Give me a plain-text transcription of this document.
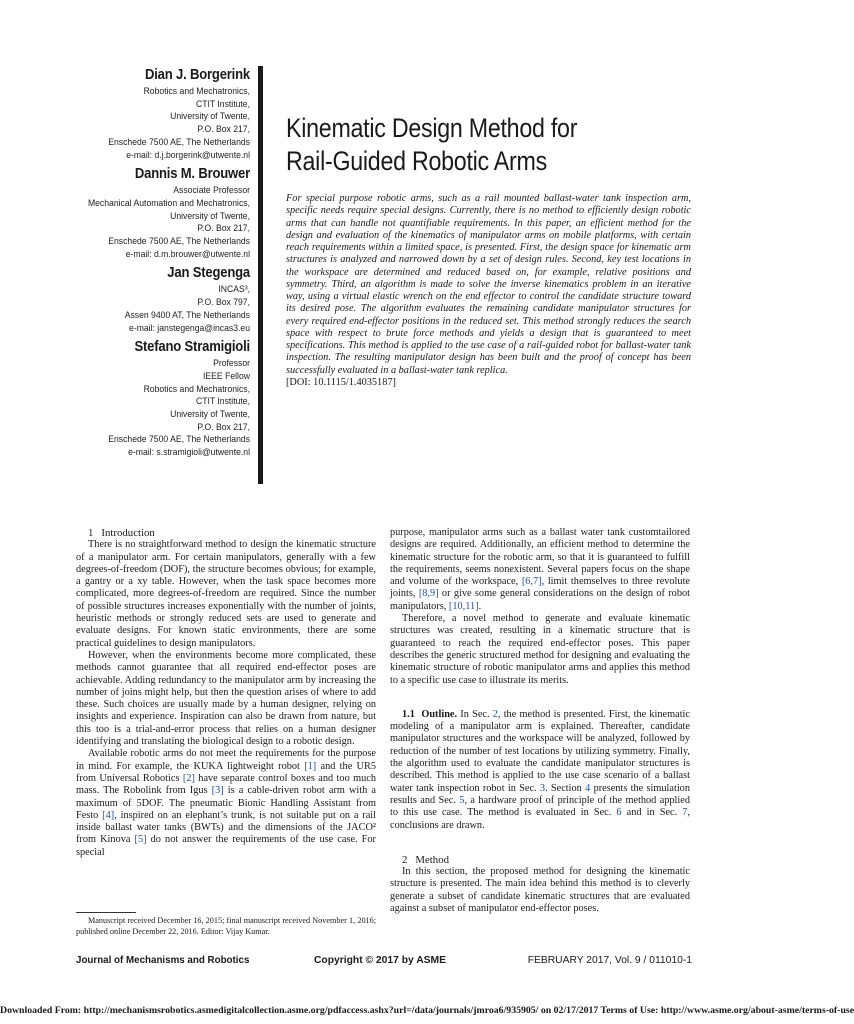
Dian J. Borgerink
Robotics and Mechatronics,
CTIT Institute,
University of Twente,
P.O. Box 217,
Enschede 7500 AE, The Netherlands
e-mail: d.j.borgerink@utwente.nl
Dannis M. Brouwer
Associate Professor
Mechanical Automation and Mechatronics,
University of Twente,
P.O. Box 217,
Enschede 7500 AE, The Netherlands
e-mail: d.m.brouwer@utwente.nl
Jan Stegenga
INCAS³,
P.O. Box 797,
Assen 9400 AT, The Netherlands
e-mail: janstegenga@incas3.eu
Stefano Stramigioli
Professor
IEEE Fellow
Robotics and Mechatronics,
CTIT Institute,
University of Twente,
P.O. Box 217,
Enschede 7500 AE, The Netherlands
e-mail: s.stramigioli@utwente.nl
Kinematic Design Method for
Rail-Guided Robotic Arms
For special purpose robotic arms, such as a rail mounted ballast-water tank inspection arm, specific needs require special designs. Currently, there is no method to efficiently design robotic arms that can handle not quantifiable requirements. In this paper, an efficient method for the design and evaluation of the kinematics of manipulator arms on mobile platforms, with certain reach requirements within a limited space, is presented. First, the design space for kinematic arm structures is analyzed and narrowed down by a set of design rules. Second, key test locations in the workspace are determined and reduced based on, for example, relative positions and symmetry. Third, an algorithm is made to solve the inverse kinematics problem in an iterative way, using a virtual elastic wrench on the end effector to control the candidate structure toward its desired pose. The algorithm evaluates the remaining candidate manipulator structures for every required end-effector positions in the reduced set. This method strongly reduces the search space with respect to brute force methods and yields a design that is guaranteed to meet specifications. This method is applied to the use case of a rail-guided robot for ballast-water tank inspection. The resulting manipulator design has been built and the proof of concept has been successfully evaluated in a ballast-water tank replica.
[DOI: 10.1115/1.4035187]

1 Introduction

There is no straightforward method to design the kinematic structure of a manipulator arm. For certain manipulators, generally with a few degrees-of-freedom (DOF), the structure becomes obvious; for example, a gantry or a xy table. However, when the task space becomes more complicated, more degrees-of-freedom are required. Since the number of possible structures increases exponentially with the number of joints, heuristic methods or strongly reduced sets are used to generate and evaluate designs. For known static environments, there are some practical guidelines to design manipulators.

However, when the environments become more complicated, these methods cannot guarantee that all required end-effector poses are achievable. Adding redundancy to the manipulator arm by increasing the number of joins might help, but then the question arises of where to add these. Such choices are usually made by a human designer, relying on insights and experience. Inspiration can also be drawn from nature, but this too is a trial-and-error process that relies on a human designer identifying and translating the biological design to a robotic design.

Available robotic arms do not meet the requirements for the purpose in mind. For example, the KUKA lightweight robot [1] and the UR5 from Universal Robotics [2] have separate control boxes and too much mass. The Robolink from Igus [3] is a cable-driven robot arm with a maximum of 5DOF. The pneumatic Bionic Handling Assistant from Festo [4], inspired on an elephant’s trunk, is not suitable put on a rail inside ballast water tanks (BWTs) and the dimensions of the JACO² from Kinova [5] do not answer the requirements of the use case. For special

Manuscript received December 16, 2015; final manuscript received November 1, 2016; published online December 22, 2016. Editor: Vijay Kumar.

purpose, manipulator arms such as a ballast water tank customtailored designs are required. Additionally, an efficient method to determine the kinematic structure for the robotic arm, so that it is guaranteed to fulfill the requirements, seems nonexistent. Several papers focus on the shape and volume of the workspace, [6,7], limit themselves to three revolute joints, [8,9] or give some general considerations on the design of robot manipulators, [10,11].

Therefore, a novel method to generate and evaluate kinematic structures was created, resulting in a kinematic structure that is guaranteed to reach the required end-effector poses. This paper describes the generic structured method for designing and evaluating the kinematic structure of robotic manipulator arms and applies this method to a specific use case to illustrate its merits.

1.1 Outline. In Sec. 2, the method is presented. First, the kinematic modeling of a manipulator arm is explained. Thereafter, candidate manipulator structures and the workspace will be analyzed, followed by reduction of the number of test locations by utilizing symmetry. Finally, the algorithm used to evaluate the candidate manipulator structures is described. This method is applied to the use case scenario of a ballast water tank inspection robot in Sec. 3. Section 4 presents the simulation results and Sec. 5, a hardware proof of principle of the method applied to this use case. The method is evaluated in Sec. 6 and in Sec. 7, conclusions are drawn.

2 Method

In this section, the proposed method for designing the kinematic structure is presented. The main idea behind this method is to cleverly generate a subset of candidate kinematic structures that are evaluated against a subset of manipulator end-effector poses.

Journal of Mechanisms and Robotics	Copyright © 2017 by ASME	FEBRUARY 2017, Vol. 9 / 011010-1
Downloaded From: http://mechanismsrobotics.asmedigitalcollection.asme.org/pdfaccess.ashx?url=/data/journals/jmroa6/935905/ on 02/17/2017 Terms of Use: http://www.asme.org/about-asme/terms-of-use
